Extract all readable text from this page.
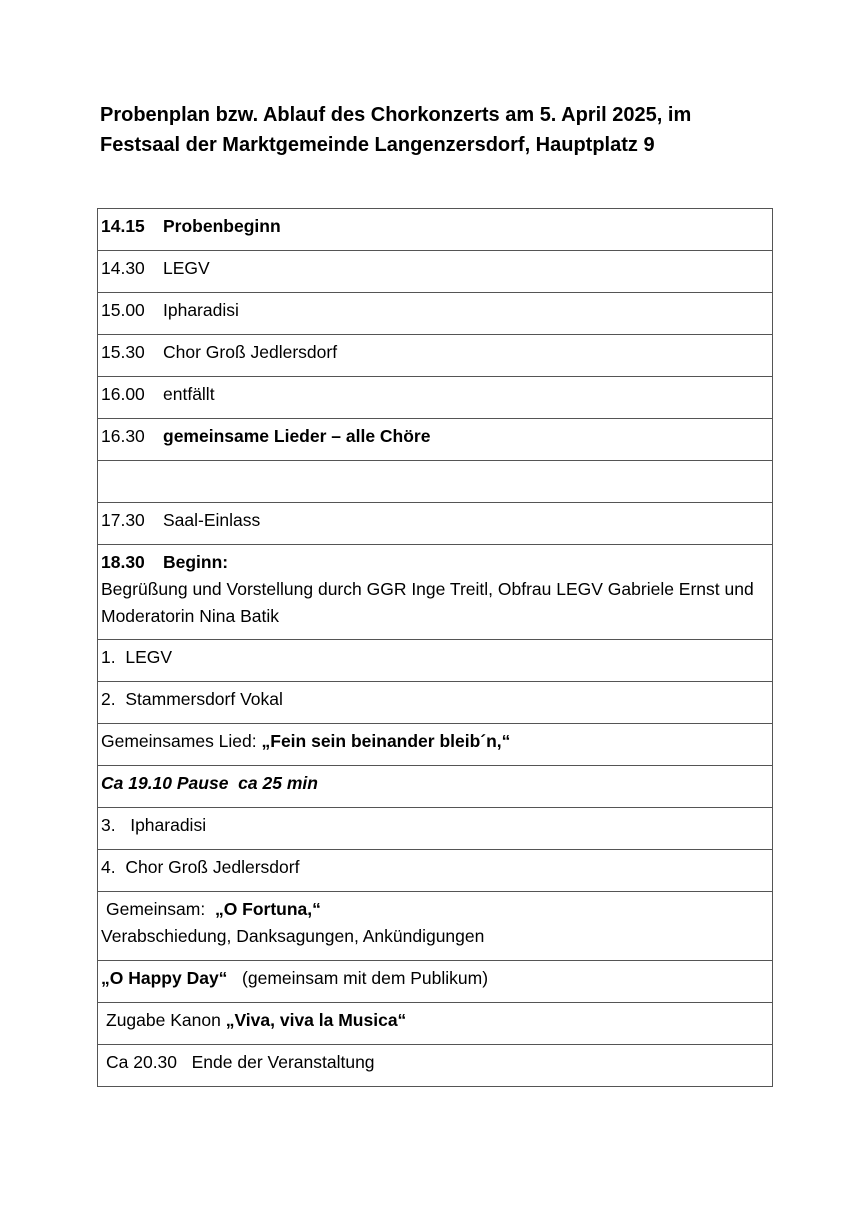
Probenplan bzw. Ablauf des Chorkonzerts am 5. April 2025, im
Festsaal der Marktgemeinde Langenzersdorf, Hauptplatz 9
14.15 Probenbeginn
14.30 LEGV
15.00 Ipharadisi
15.30 Chor Groß Jedlersdorf
16.00 entfällt
16.30 gemeinsame Lieder – alle Chöre

17.30 Saal-Einlass
18.30 Beginn:
Begrüßung und Vorstellung durch GGR Inge Treitl, Obfrau LEGV Gabriele Ernst und Moderatorin Nina Batik
1. LEGV
2. Stammersdorf Vokal
Gemeinsames Lied: „Fein sein beinander bleib´n,“
Ca 19.10 Pause  ca 25 min
3. Ipharadisi
4. Chor Groß Jedlersdorf
Gemeinsam:  „O Fortuna,“
Verabschiedung, Danksagungen, Ankündigungen
„O Happy Day“   (gemeinsam mit dem Publikum)
Zugabe Kanon „Viva, viva la Musica“
Ca 20.30 Ende der Veranstaltung
